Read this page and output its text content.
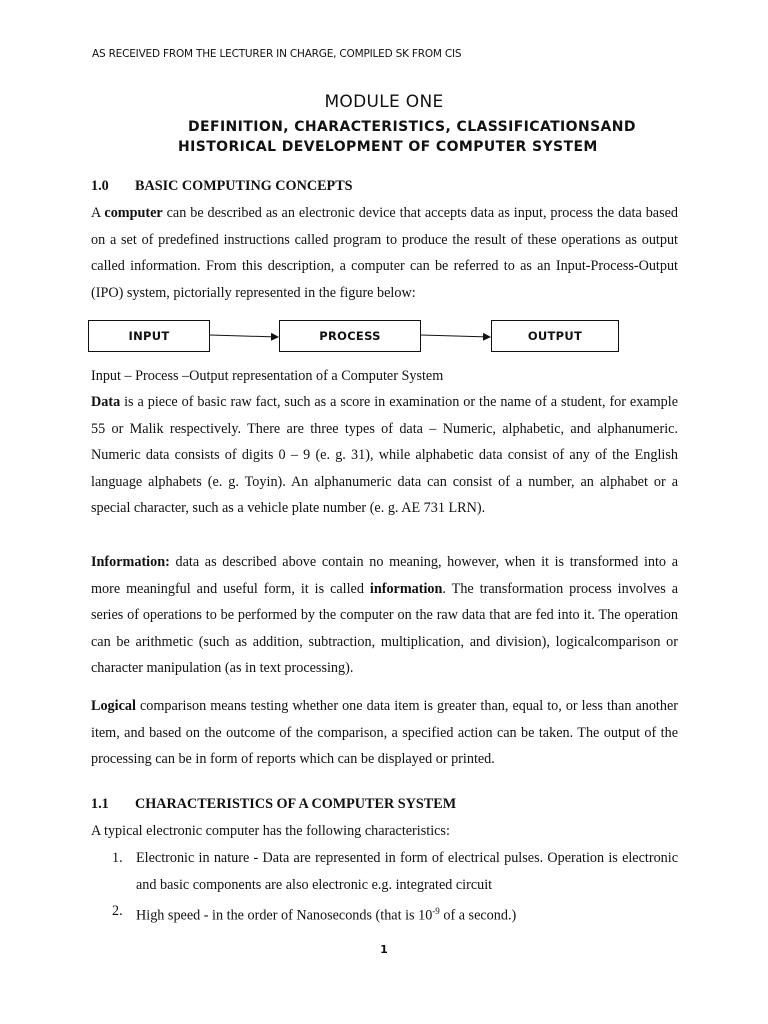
AS RECEIVED FROM THE LECTURER IN CHARGE, COMPILED SK FROM CIS
MODULE ONE
DEFINITION, CHARACTERISTICS, CLASSIFICATIONSAND
HISTORICAL DEVELOPMENT OF COMPUTER SYSTEM
1.0 BASIC COMPUTING CONCEPTS
A computer can be described as an electronic device that accepts data as input, process the data based on a set of predefined instructions called program to produce the result of these operations as output called information. From this description, a computer can be referred to as an Input-Process-Output (IPO) system, pictorially represented in the figure below:
INPUT	PROCESS	OUTPUT
Input – Process –Output representation of a Computer System
Data is a piece of basic raw fact, such as a score in examination or the name of a student, for example 55 or Malik respectively. There are three types of data – Numeric, alphabetic, and alphanumeric. Numeric data consists of digits 0 – 9 (e. g. 31), while alphabetic data consist of any of the English language alphabets (e. g. Toyin). An alphanumeric data can consist of a number, an alphabet or a special character, such as a vehicle plate number (e. g. AE 731 LRN).
Information: data as described above contain no meaning, however, when it is transformed into a more meaningful and useful form, it is called information. The transformation process involves a series of operations to be performed by the computer on the raw data that are fed into it. The operation can be arithmetic (such as addition, subtraction, multiplication, and division), logicalcomparison or character manipulation (as in text processing).
Logical comparison means testing whether one data item is greater than, equal to, or less than another item, and based on the outcome of the comparison, a specified action can be taken. The output of the processing can be in form of reports which can be displayed or printed.
1.1 CHARACTERISTICS OF A COMPUTER SYSTEM
A typical electronic computer has the following characteristics:
1. Electronic in nature - Data are represented in form of electrical pulses. Operation is electronic and basic components are also electronic e.g. integrated circuit
2. High speed - in the order of Nanoseconds (that is $10^{-9}$ of a second.)
1
